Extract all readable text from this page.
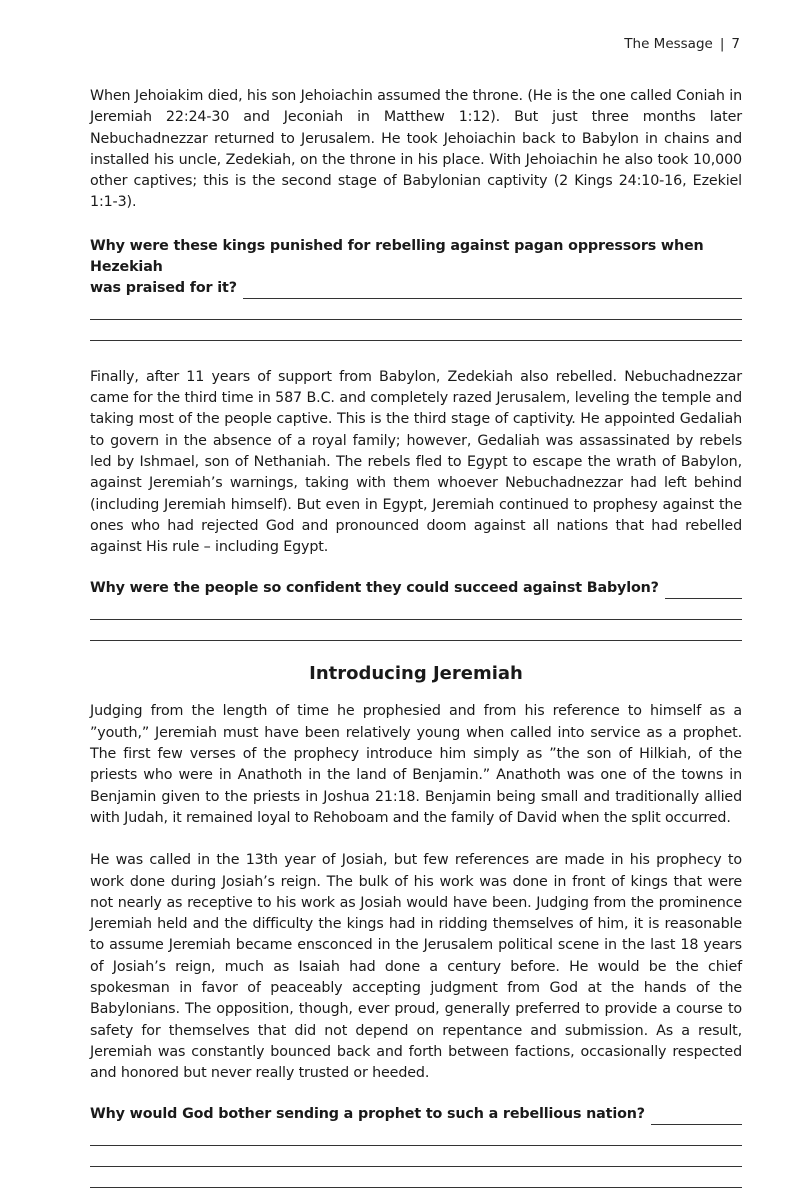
The Message | 7

When Jehoiakim died, his son Jehoiachin assumed the throne. (He is the one called Coniah in Jeremiah 22:24-30 and Jeconiah in Matthew 1:12). But just three months later Nebuchadnezzar returned to Jerusalem. He took Jehoiachin back to Babylon in chains and installed his uncle, Zedekiah, on the throne in his place. With Jehoiachin he also took 10,000 other captives; this is the second stage of Babylonian captivity (2 Kings 24:10-16, Ezekiel 1:1-3).

Why were these kings punished for rebelling against pagan oppressors when Hezekiah
was praised for it?

Finally, after 11 years of support from Babylon, Zedekiah also rebelled. Nebuchadnezzar came for the third time in 587 B.C. and completely razed Jerusalem, leveling the temple and taking most of the people captive. This is the third stage of captivity. He appointed Gedaliah to govern in the absence of a royal family; however, Gedaliah was assassinated by rebels led by Ishmael, son of Nethaniah. The rebels fled to Egypt to escape the wrath of Babylon, against Jeremiah’s warnings, taking with them whoever Nebuchadnezzar had left behind (including Jeremiah himself). But even in Egypt, Jeremiah continued to prophesy against the ones who had rejected God and pronounced doom against all nations that had rebelled against His rule – including Egypt.

Why were the people so confident they could succeed against Babylon?
Introducing Jeremiah

Judging from the length of time he prophesied and from his reference to himself as a ”youth,” Jeremiah must have been relatively young when called into service as a prophet. The first few verses of the prophecy introduce him simply as ”the son of Hilkiah, of the priests who were in Anathoth in the land of Benjamin.” Anathoth was one of the towns in Benjamin given to the priests in Joshua 21:18. Benjamin being small and traditionally allied with Judah, it remained loyal to Rehoboam and the family of David when the split occurred.

He was called in the 13th year of Josiah, but few references are made in his prophecy to work done during Josiah’s reign. The bulk of his work was done in front of kings that were not nearly as receptive to his work as Josiah would have been. Judging from the prominence Jeremiah held and the difficulty the kings had in ridding themselves of him, it is reasonable to assume Jeremiah became ensconced in the Jerusalem political scene in the last 18 years of Josiah’s reign, much as Isaiah had done a century before. He would be the chief spokesman in favor of peaceably accepting judgment from God at the hands of the Babylonians. The opposition, though, ever proud, generally preferred to provide a course to safety for themselves that did not depend on repentance and submission. As a result, Jeremiah was constantly bounced back and forth between factions, occasionally respected and honored but never really trusted or heeded.

Why would God bother sending a prophet to such a rebellious nation?
